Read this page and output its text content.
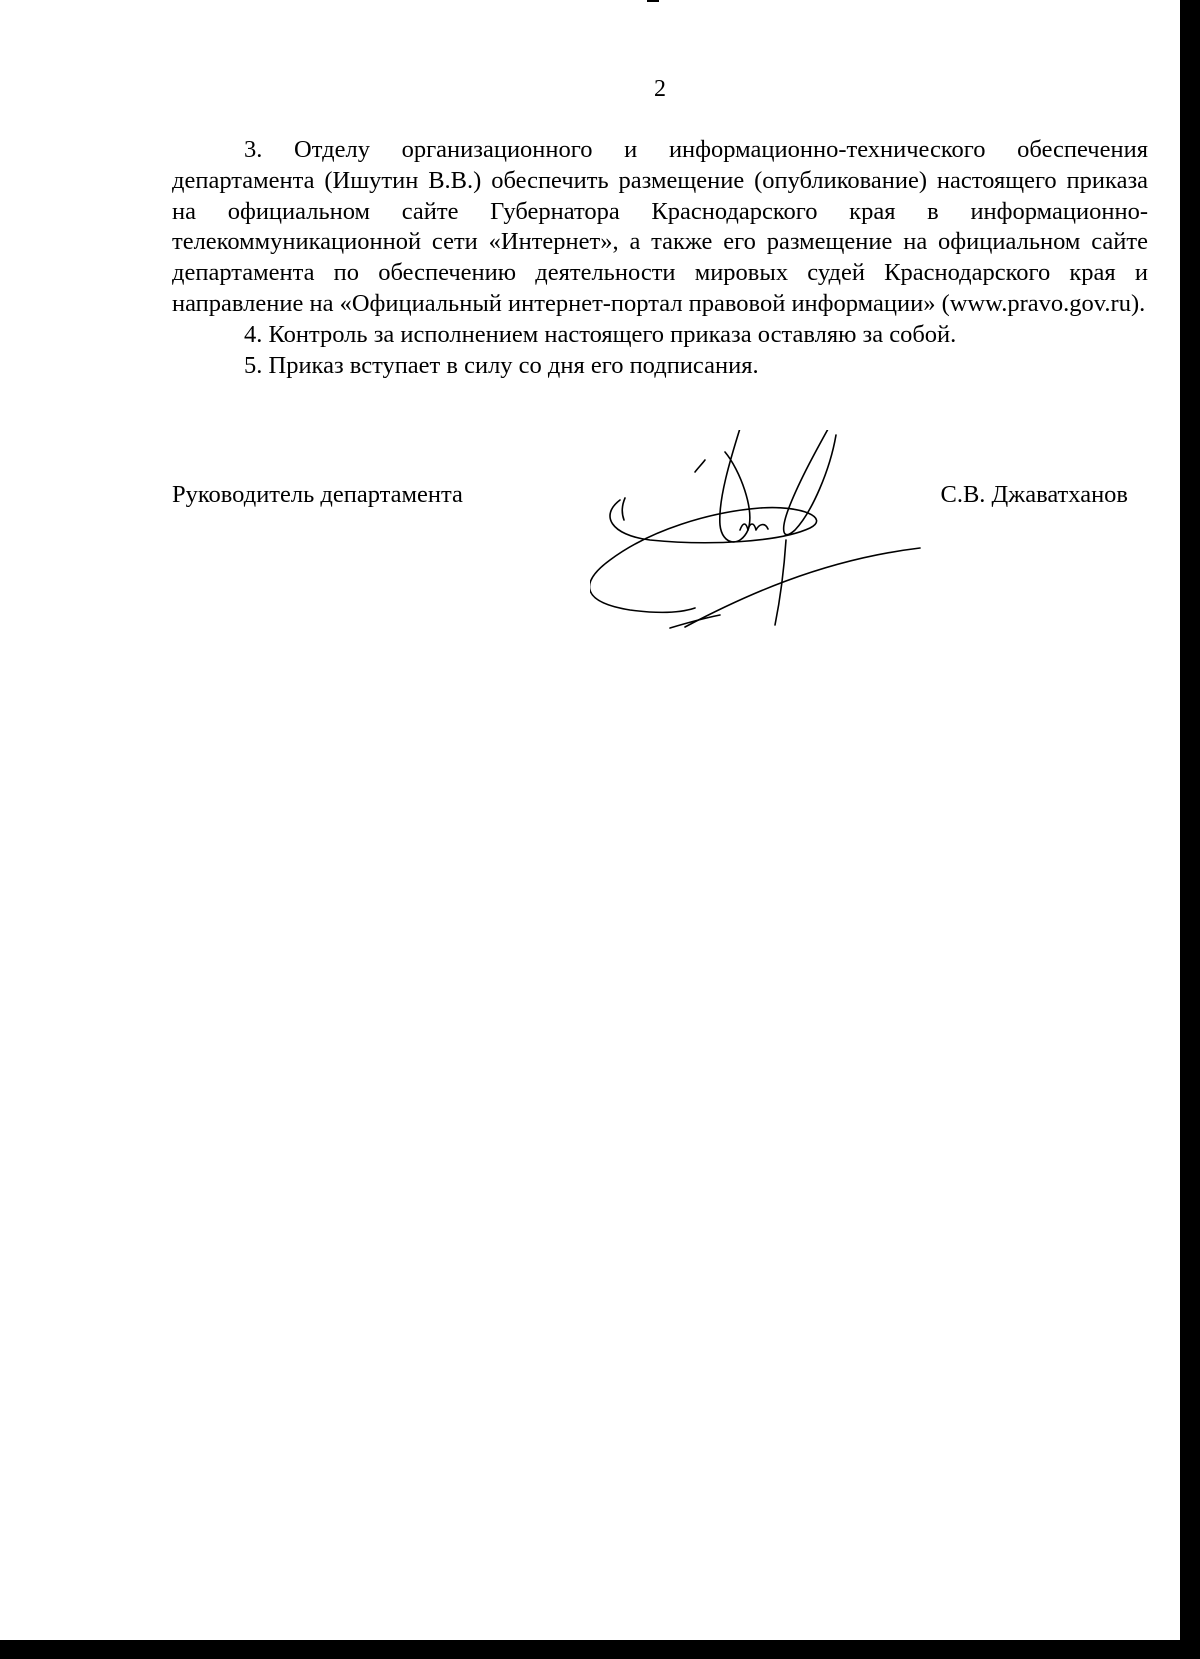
2

3. Отделу организационного и информационно-технического обеспечения департамента (Ишутин В.В.) обеспечить размещение (опубликование) настоящего приказа на официальном сайте Губернатора Краснодарского края в информационно-телекоммуникационной сети «Интернет», а также его размещение на официальном сайте департамента по обеспечению деятельности мировых судей Краснодарского края и направление на «Официальный интернет-портал правовой информации» (www.pravo.gov.ru).

4. Контроль за исполнением настоящего приказа оставляю за собой.

5. Приказ вступает в силу со дня его подписания.

Руководитель департамента	С.В. Джаватханов
